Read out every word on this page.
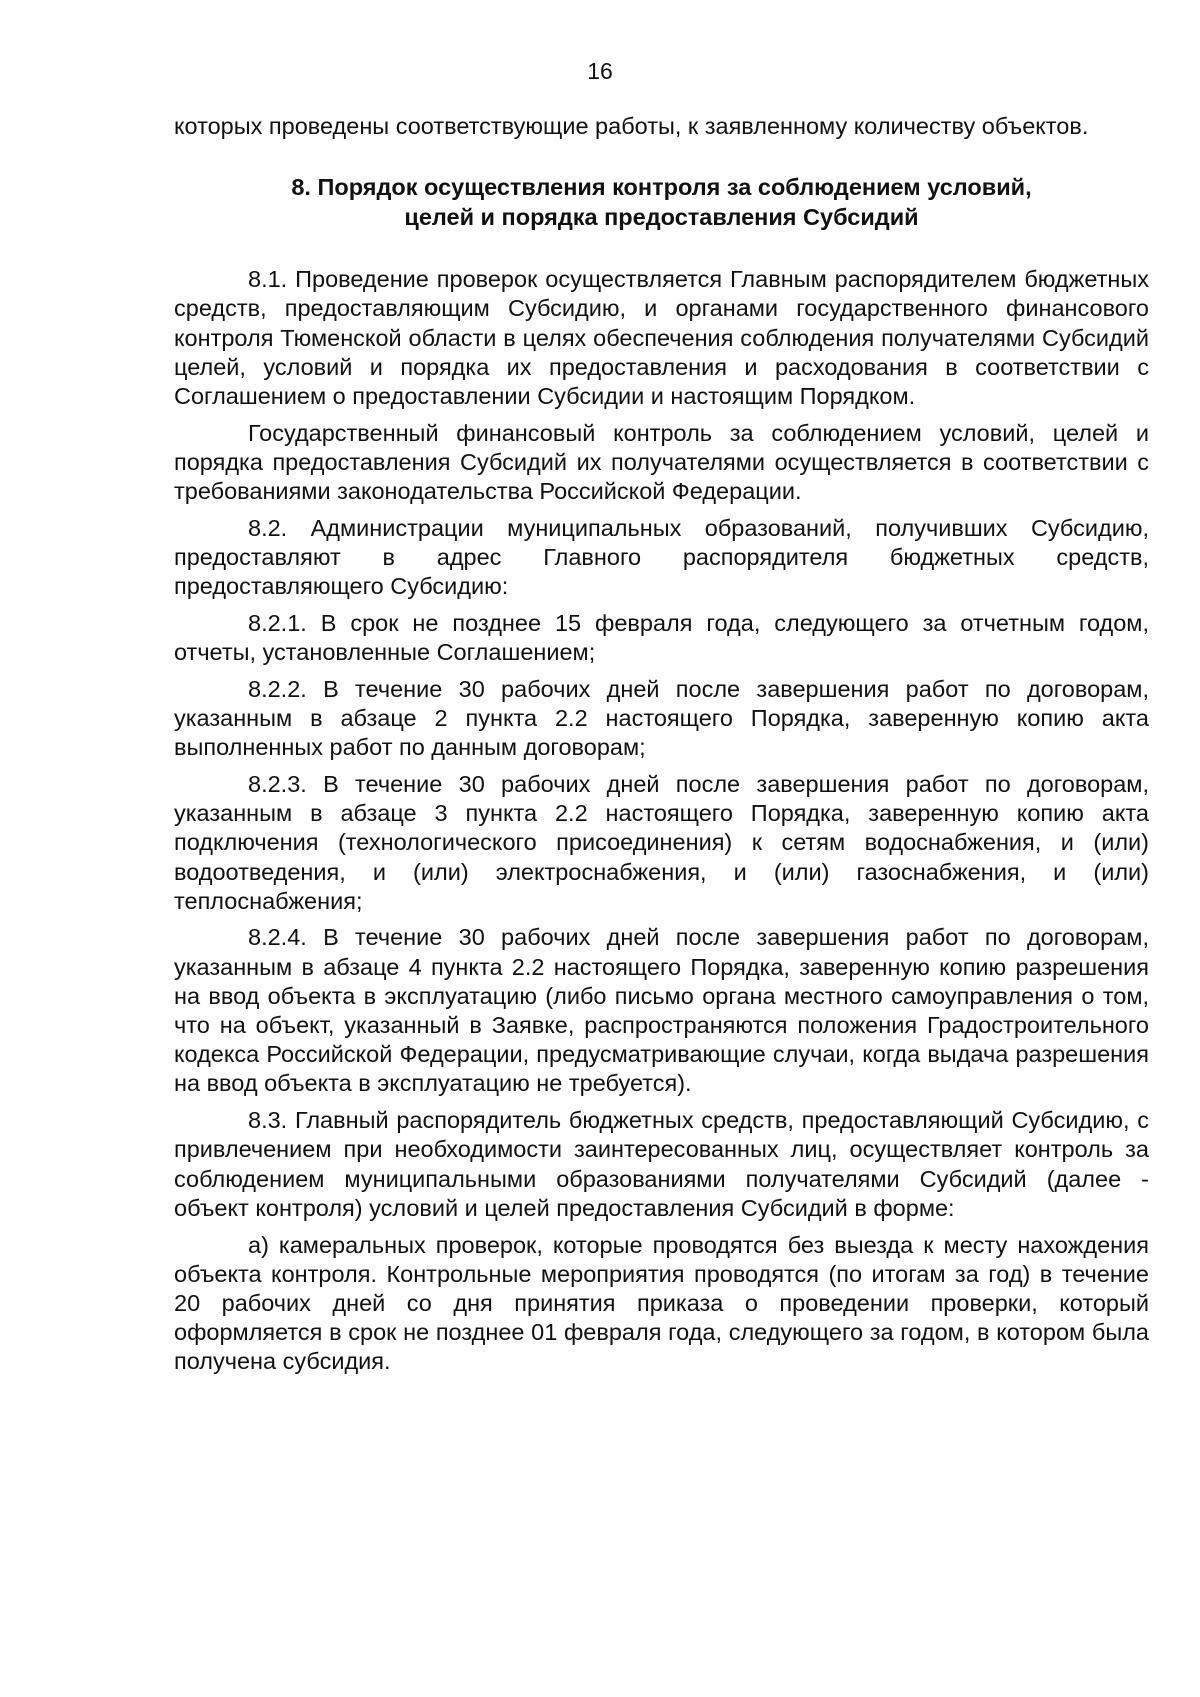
16

которых проведены соответствующие работы, к заявленному количеству объектов.

8. Порядок осуществления контроля за соблюдением условий,
целей и порядка предоставления Субсидий

8.1. Проведение проверок осуществляется Главным распорядителем бюджетных средств, предоставляющим Субсидию, и органами государственного финансового контроля Тюменской области в целях обеспечения соблюдения получателями Субсидий целей, условий и порядка их предоставления и расходования в соответствии с Соглашением о предоставлении Субсидии и настоящим Порядком.

Государственный финансовый контроль за соблюдением условий, целей и порядка предоставления Субсидий их получателями осуществляется в соответствии с требованиями законодательства Российской Федерации.

8.2. Администрации муниципальных образований, получивших Субсидию, предоставляют в адрес Главного распорядителя бюджетных средств, предоставляющего Субсидию:

8.2.1. В срок не позднее 15 февраля года, следующего за отчетным годом, отчеты, установленные Соглашением;

8.2.2. В течение 30 рабочих дней после завершения работ по договорам, указанным в абзаце 2 пункта 2.2 настоящего Порядка, заверенную копию акта выполненных работ по данным договорам;

8.2.3. В течение 30 рабочих дней после завершения работ по договорам, указанным в абзаце 3 пункта 2.2 настоящего Порядка, заверенную копию акта подключения (технологического присоединения) к сетям водоснабжения, и (или) водоотведения, и (или) электроснабжения, и (или) газоснабжения, и (или) теплоснабжения;

8.2.4. В течение 30 рабочих дней после завершения работ по договорам, указанным в абзаце 4 пункта 2.2 настоящего Порядка, заверенную копию разрешения на ввод объекта в эксплуатацию (либо письмо органа местного самоуправления о том, что на объект, указанный в Заявке, распространяются положения Градостроительного кодекса Российской Федерации, предусматривающие случаи, когда выдача разрешения на ввод объекта в эксплуатацию не требуется).

8.3. Главный распорядитель бюджетных средств, предоставляющий Субсидию, с привлечением при необходимости заинтересованных лиц, осуществляет контроль за соблюдением муниципальными образованиями получателями Субсидий (далее - объект контроля) условий и целей предоставления Субсидий в форме:

а) камеральных проверок, которые проводятся без выезда к месту нахождения объекта контроля. Контрольные мероприятия проводятся (по итогам за год) в течение 20 рабочих дней со дня принятия приказа о проведении проверки, который оформляется в срок не позднее 01 февраля года, следующего за годом, в котором была получена субсидия.
